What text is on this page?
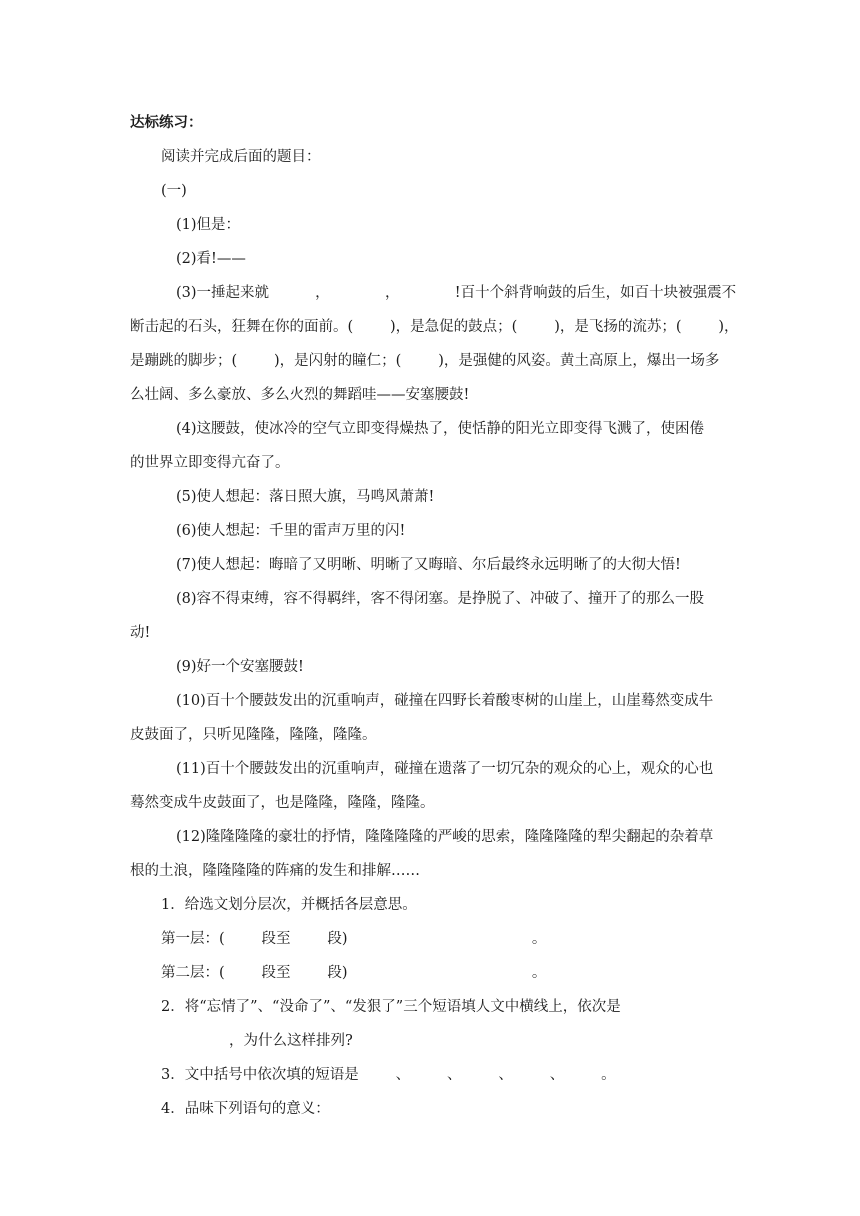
达标练习：
阅读并完成后面的题目：
(一)
(1)但是：
(2)看!——
(3)一捶起来就          ，            ，            !百十个斜背响鼓的后生，如百十块被强震不
断击起的石头，狂舞在你的面前。(        )，是急促的鼓点；(        )，是飞扬的流苏；(        )，
是蹦跳的脚步；(        )，是闪射的瞳仁；(        )，是强健的风姿。黄土高原上，爆出一场多
么壮阔、多么豪放、多么火烈的舞蹈哇——安塞腰鼓!
(4)这腰鼓，使冰冷的空气立即变得燥热了，使恬静的阳光立即变得飞溅了，使困倦
的世界立即变得亢奋了。
(5)使人想起：落日照大旗，马鸣风萧萧!
(6)使人想起：千里的雷声万里的闪!
(7)使人想起：晦暗了又明晰、明晰了又晦暗、尔后最终永远明晰了的大彻大悟!
(8)容不得束缚，容不得羁绊，客不得闭塞。是挣脱了、冲破了、撞开了的那么一股
动!
(9)好一个安塞腰鼓!
(10)百十个腰鼓发出的沉重响声，碰撞在四野长着酸枣树的山崖上，山崖蓦然变成牛
皮鼓面了，只听见隆隆，隆隆，隆隆。
(11)百十个腰鼓发出的沉重响声，碰撞在遗落了一切冗杂的观众的心上，观众的心也
蓦然变成牛皮鼓面了，也是隆隆，隆隆，隆隆。
(12)隆隆隆隆的豪壮的抒情，隆隆隆隆的严峻的思索，隆隆隆隆的犁尖翻起的杂着草
根的土浪，隆隆隆隆的阵痛的发生和排解……
1．给选文划分层次，并概括各层意思。
第一层：(        段至        段)                                        。
第二层：(        段至        段)                                        。
2．将“忘情了”、“没命了”、“发狠了”三个短语填人文中横线上，依次是
，为什么这样排列?
3．文中括号中依次填的短语是        、        、        、        、        。
4．品味下列语句的意义：
